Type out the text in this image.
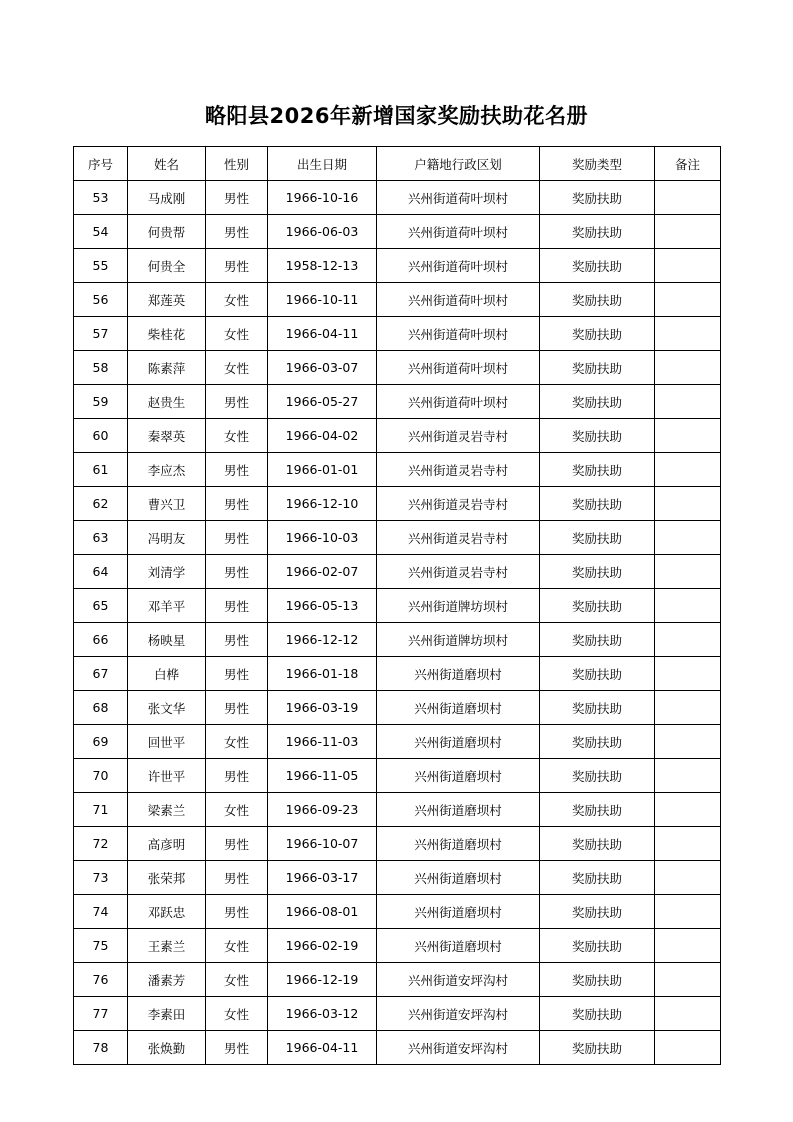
略阳县2026年新增国家奖励扶助花名册
序号	姓名	性别	出生日期	户籍地行政区划	奖励类型	备注
53	马成刚	男性	1966-10-16	兴州街道荷叶坝村	奖励扶助	
54	何贵帮	男性	1966-06-03	兴州街道荷叶坝村	奖励扶助	
55	何贵全	男性	1958-12-13	兴州街道荷叶坝村	奖励扶助	
56	郑莲英	女性	1966-10-11	兴州街道荷叶坝村	奖励扶助	
57	柴桂花	女性	1966-04-11	兴州街道荷叶坝村	奖励扶助	
58	陈素萍	女性	1966-03-07	兴州街道荷叶坝村	奖励扶助	
59	赵贵生	男性	1966-05-27	兴州街道荷叶坝村	奖励扶助	
60	秦翠英	女性	1966-04-02	兴州街道灵岩寺村	奖励扶助	
61	李应杰	男性	1966-01-01	兴州街道灵岩寺村	奖励扶助	
62	曹兴卫	男性	1966-12-10	兴州街道灵岩寺村	奖励扶助	
63	冯明友	男性	1966-10-03	兴州街道灵岩寺村	奖励扶助	
64	刘清学	男性	1966-02-07	兴州街道灵岩寺村	奖励扶助	
65	邓羊平	男性	1966-05-13	兴州街道牌坊坝村	奖励扶助	
66	杨映星	男性	1966-12-12	兴州街道牌坊坝村	奖励扶助	
67	白桦	男性	1966-01-18	兴州街道磨坝村	奖励扶助	
68	张文华	男性	1966-03-19	兴州街道磨坝村	奖励扶助	
69	回世平	女性	1966-11-03	兴州街道磨坝村	奖励扶助	
70	许世平	男性	1966-11-05	兴州街道磨坝村	奖励扶助	
71	梁素兰	女性	1966-09-23	兴州街道磨坝村	奖励扶助	
72	高彦明	男性	1966-10-07	兴州街道磨坝村	奖励扶助	
73	张荣邦	男性	1966-03-17	兴州街道磨坝村	奖励扶助	
74	邓跃忠	男性	1966-08-01	兴州街道磨坝村	奖励扶助	
75	王素兰	女性	1966-02-19	兴州街道磨坝村	奖励扶助	
76	潘素芳	女性	1966-12-19	兴州街道安坪沟村	奖励扶助	
77	李素田	女性	1966-03-12	兴州街道安坪沟村	奖励扶助	
78	张焕勤	男性	1966-04-11	兴州街道安坪沟村	奖励扶助	
